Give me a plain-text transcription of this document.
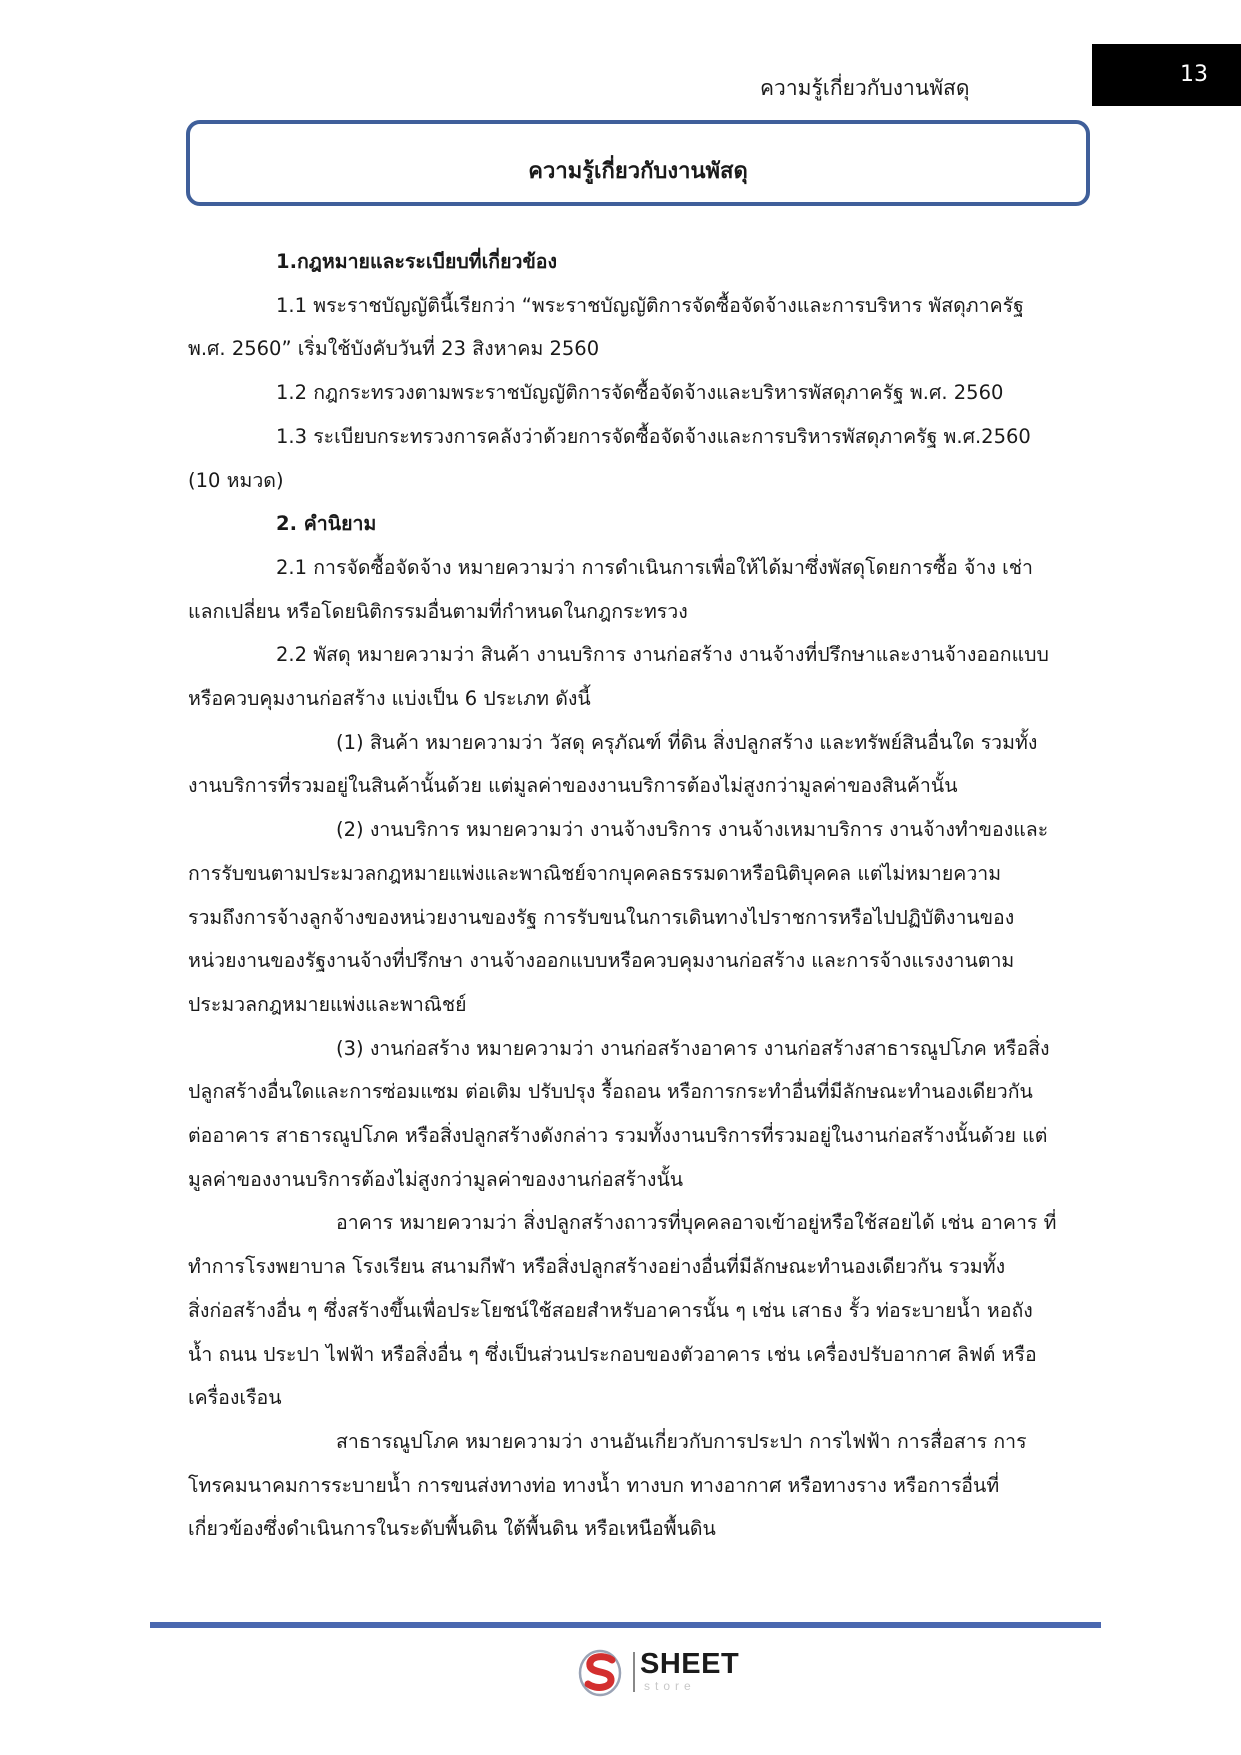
ความรู้เกี่ยวกับงานพัสดุ
13
ความรู้เกี่ยวกับงานพัสดุ

1.กฎหมายและระเบียบที่เกี่ยวข้อง

1.1 พระราชบัญญัตินี้เรียกว่า “พระราชบัญญัติการจัดซื้อจัดจ้างและการบริหาร พัสดุภาครัฐ

พ.ศ. 2560” เริ่มใช้บังคับวันที่ 23 สิงหาคม 2560

1.2 กฎกระทรวงตามพระราชบัญญัติการจัดซื้อจัดจ้างและบริหารพัสดุภาครัฐ พ.ศ. 2560

1.3 ระเบียบกระทรวงการคลังว่าด้วยการจัดซื้อจัดจ้างและการบริหารพัสดุภาครัฐ พ.ศ.2560

(10 หมวด)

2. คำนิยาม

2.1 การจัดซื้อจัดจ้าง หมายความว่า การดำเนินการเพื่อให้ได้มาซึ่งพัสดุโดยการซื้อ จ้าง เช่า

แลกเปลี่ยน หรือโดยนิติกรรมอื่นตามที่กำหนดในกฎกระทรวง

2.2 พัสดุ หมายความว่า สินค้า งานบริการ งานก่อสร้าง งานจ้างที่ปรึกษาและงานจ้างออกแบบ

หรือควบคุมงานก่อสร้าง แบ่งเป็น 6 ประเภท ดังนี้

(1) สินค้า หมายความว่า วัสดุ ครุภัณฑ์ ที่ดิน สิ่งปลูกสร้าง และทรัพย์สินอื่นใด รวมทั้ง

งานบริการที่รวมอยู่ในสินค้านั้นด้วย แต่มูลค่าของงานบริการต้องไม่สูงกว่ามูลค่าของสินค้านั้น

(2) งานบริการ หมายความว่า งานจ้างบริการ งานจ้างเหมาบริการ งานจ้างทำของและ

การรับขนตามประมวลกฎหมายแพ่งและพาณิชย์จากบุคคลธรรมดาหรือนิติบุคคล แต่ไม่หมายความ

รวมถึงการจ้างลูกจ้างของหน่วยงานของรัฐ การรับขนในการเดินทางไปราชการหรือไปปฏิบัติงานของ

หน่วยงานของรัฐงานจ้างที่ปรึกษา งานจ้างออกแบบหรือควบคุมงานก่อสร้าง และการจ้างแรงงานตาม

ประมวลกฎหมายแพ่งและพาณิชย์

(3) งานก่อสร้าง หมายความว่า งานก่อสร้างอาคาร งานก่อสร้างสาธารณูปโภค หรือสิ่ง

ปลูกสร้างอื่นใดและการซ่อมแซม ต่อเติม ปรับปรุง รื้อถอน หรือการกระทำอื่นที่มีลักษณะทำนองเดียวกัน

ต่ออาคาร สาธารณูปโภค หรือสิ่งปลูกสร้างดังกล่าว รวมทั้งงานบริการที่รวมอยู่ในงานก่อสร้างนั้นด้วย แต่

มูลค่าของงานบริการต้องไม่สูงกว่ามูลค่าของงานก่อสร้างนั้น

อาคาร หมายความว่า สิ่งปลูกสร้างถาวรที่บุคคลอาจเข้าอยู่หรือใช้สอยได้ เช่น อาคาร ที่

ทำการโรงพยาบาล โรงเรียน สนามกีฬา หรือสิ่งปลูกสร้างอย่างอื่นที่มีลักษณะทำนองเดียวกัน รวมทั้ง

สิ่งก่อสร้างอื่น ๆ ซึ่งสร้างขึ้นเพื่อประโยชน์ใช้สอยสำหรับอาคารนั้น ๆ เช่น เสาธง รั้ว ท่อระบายน้ำ หอถัง

น้ำ ถนน ประปา ไฟฟ้า หรือสิ่งอื่น ๆ ซึ่งเป็นส่วนประกอบของตัวอาคาร เช่น เครื่องปรับอากาศ ลิฟต์ หรือ

เครื่องเรือน

สาธารณูปโภค หมายความว่า งานอันเกี่ยวกับการประปา การไฟฟ้า การสื่อสาร การ

โทรคมนาคมการระบายน้ำ การขนส่งทางท่อ ทางน้ำ ทางบก ทางอากาศ หรือทางราง หรือการอื่นที่

เกี่ยวข้องซึ่งดำเนินการในระดับพื้นดิน ใต้พื้นดิน หรือเหนือพื้นดิน

SHEET
store
